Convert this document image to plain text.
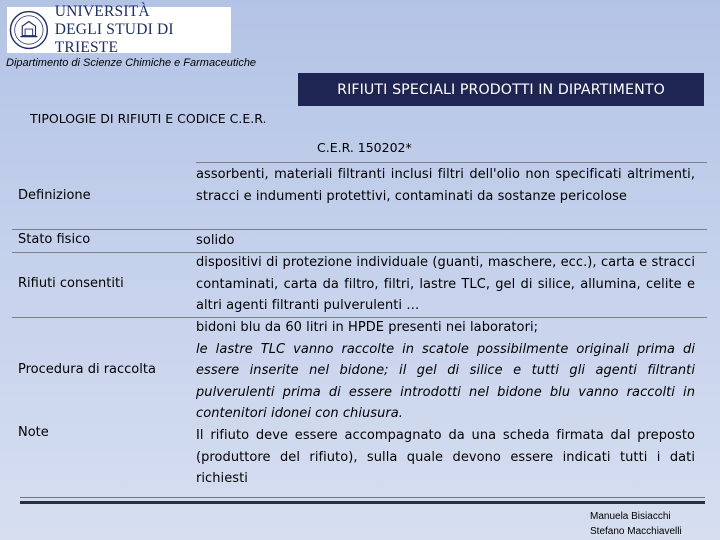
UNIVERSITÀ
DEGLI STUDI DI TRIESTE
Dipartimento di Scienze Chimiche e Farmaceutiche
RIFIUTI SPECIALI PRODOTTI IN DIPARTIMENTO
TIPOLOGIE DI RIFIUTI E CODICE C.E.R.
C.E.R. 150202*
Definizione
assorbenti, materiali filtranti inclusi filtri dell'olio non specificati altrimenti, stracci e indumenti protettivi, contaminati da sostanze pericolose
Stato fisico	solido
Rifiuti consentiti
dispositivi di protezione individuale (guanti, maschere, ecc.), carta e stracci contaminati, carta da filtro, filtri, lastre TLC, gel di silice, allumina, celite e altri agenti filtranti pulverulenti …
Procedura di raccolta
bidoni blu da 60 litri in HPDE presenti nei laboratori;
le lastre TLC vanno raccolte in scatole possibilmente originali prima di essere inserite nel bidone; il gel di silice e tutti gli agenti filtranti pulverulenti prima di essere introdotti nel bidone blu vanno raccolti in contenitori idonei con chiusura.
Note	Il rifiuto deve essere accompagnato da una scheda firmata dal preposto (produttore del rifiuto), sulla quale devono essere indicati tutti i dati richiesti
Manuela Bisiacchi
Stefano Macchiavelli
